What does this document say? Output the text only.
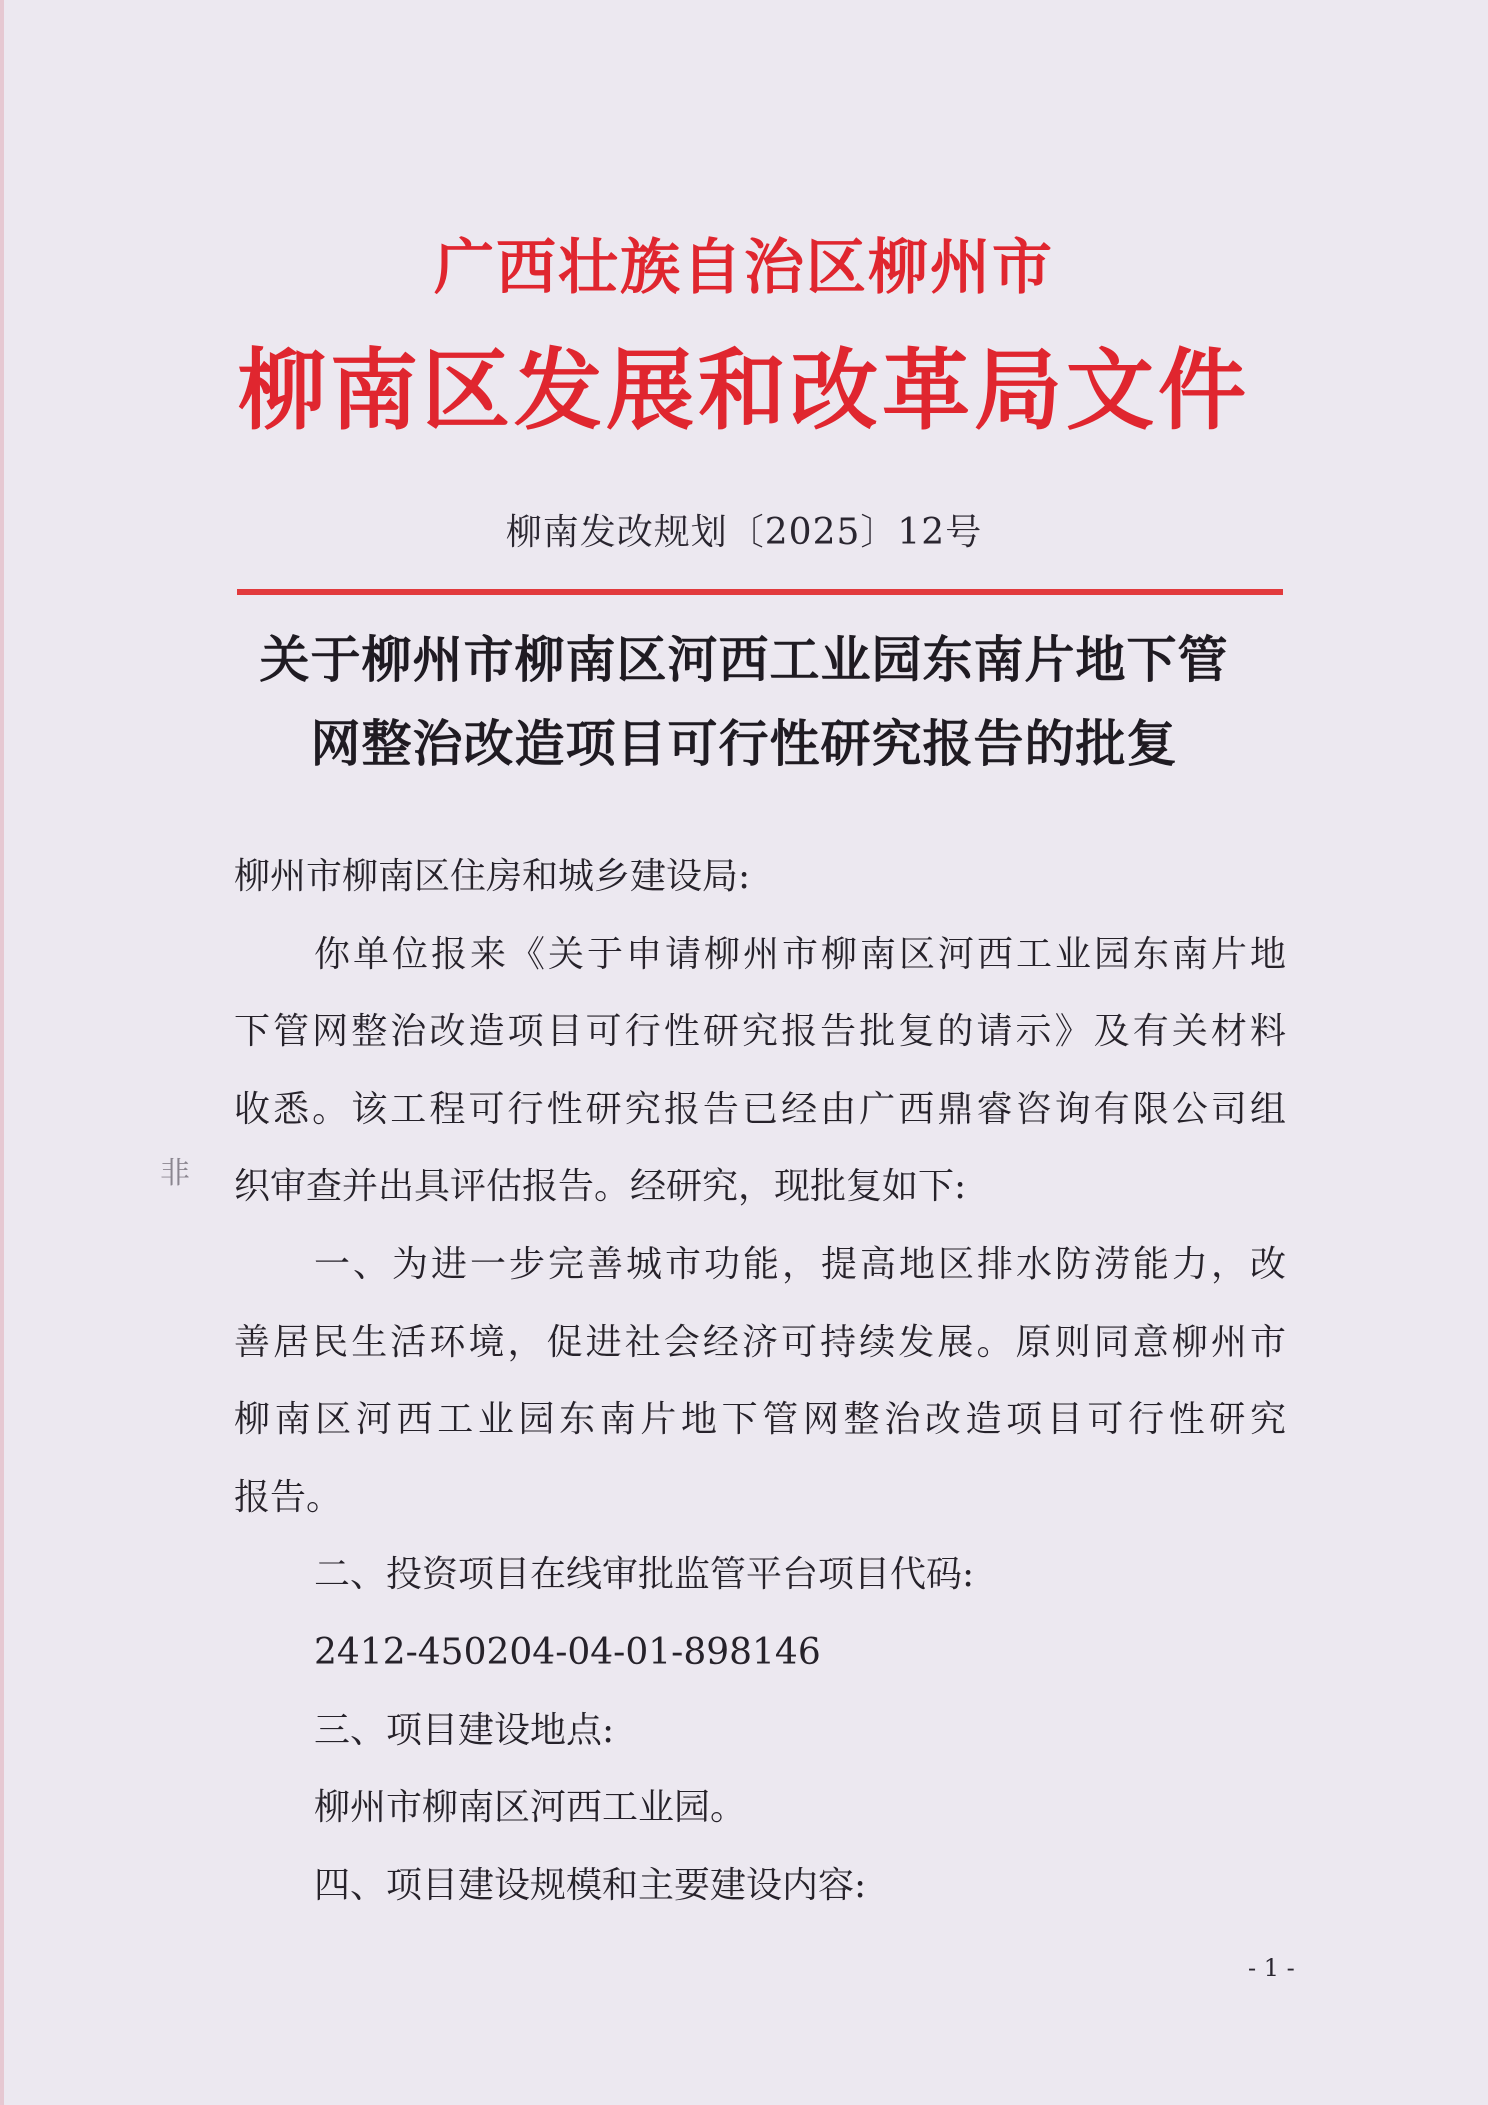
广西壮族自治区柳州市
柳南区发展和改革局文件
柳南发改规划〔2025〕12号
关于柳州市柳南区河西工业园东南片地下管
网整治改造项目可行性研究报告的批复
非
柳州市柳南区住房和城乡建设局:
你单位报来《关于申请柳州市柳南区河西工业园东南片地
下管网整治改造项目可行性研究报告批复的请示》及有关材料
收悉。该工程可行性研究报告已经由广西鼎睿咨询有限公司组
织审查并出具评估报告。经研究，现批复如下:
一、为进一步完善城市功能，提高地区排水防涝能力，改
善居民生活环境，促进社会经济可持续发展。原则同意柳州市
柳南区河西工业园东南片地下管网整治改造项目可行性研究
报告。
二、投资项目在线审批监管平台项目代码:
2412-450204-04-01-898146
三、项目建设地点:
柳州市柳南区河西工业园。
四、项目建设规模和主要建设内容:
- 1 -
